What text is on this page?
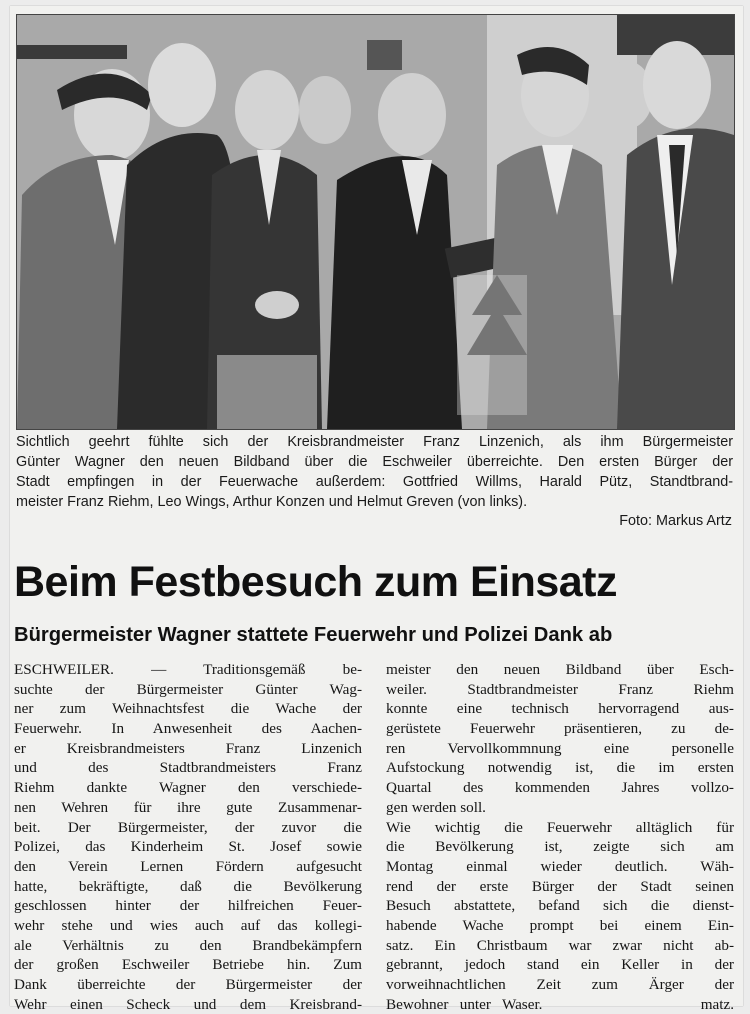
Sichtlich geehrt fühlte sich der Kreisbrandmeister Franz Linzenich, als ihm Bürgermeister
Günter Wagner den neuen Bildband über die Eschweiler überreichte. Den ersten Bürger der
Stadt empfingen in der Feuerwache außerdem: Gottfried Willms, Harald Pütz, Standtbrand-
meister Franz Riehm, Leo Wings, Arthur Konzen und Helmut Greven (von links).
Foto: Markus Artz
Beim Festbesuch zum Einsatz
Bürgermeister Wagner stattete Feuerwehr und Polizei Dank ab
ESCHWEILER. — Traditionsgemäß be-
suchte der Bürgermeister Günter Wag-
ner zum Weihnachtsfest die Wache der
Feuerwehr. In Anwesenheit des Aachen-
er Kreisbrandmeisters Franz Linzenich
und des Stadtbrandmeisters Franz
Riehm dankte Wagner den verschiede-
nen Wehren für ihre gute Zusammenar-
beit. Der Bürgermeister, der zuvor die
Polizei, das Kinderheim St. Josef sowie
den Verein Lernen Fördern aufgesucht
hatte, bekräftigte, daß die Bevölkerung
geschlossen hinter der hilfreichen Feuer-
wehr stehe und wies auch auf das kollegi-
ale Verhältnis zu den Brandbekämpfern
der großen Eschweiler Betriebe hin. Zum
Dank überreichte der Bürgermeister der
Wehr einen Scheck und dem Kreisbrand-
meister den neuen Bildband über Esch-
weiler. Stadtbrandmeister Franz Riehm
konnte eine technisch hervorragend aus-
gerüstete Feuerwehr präsentieren, zu de-
ren Vervollkommnung eine personelle
Aufstockung notwendig ist, die im ersten
Quartal des kommenden Jahres vollzo-
gen werden soll.
Wie wichtig die Feuerwehr alltäglich für
die Bevölkerung ist, zeigte sich am
Montag einmal wieder deutlich. Wäh-
rend der erste Bürger der Stadt seinen
Besuch abstattete, befand sich die dienst-
habende Wache prompt bei einem Ein-
satz. Ein Christbaum war zwar nicht ab-
gebrannt, jedoch stand ein Keller in der
vorweihnachtlichen Zeit zum Ärger der
Bewohner unter Waser.              matz.
